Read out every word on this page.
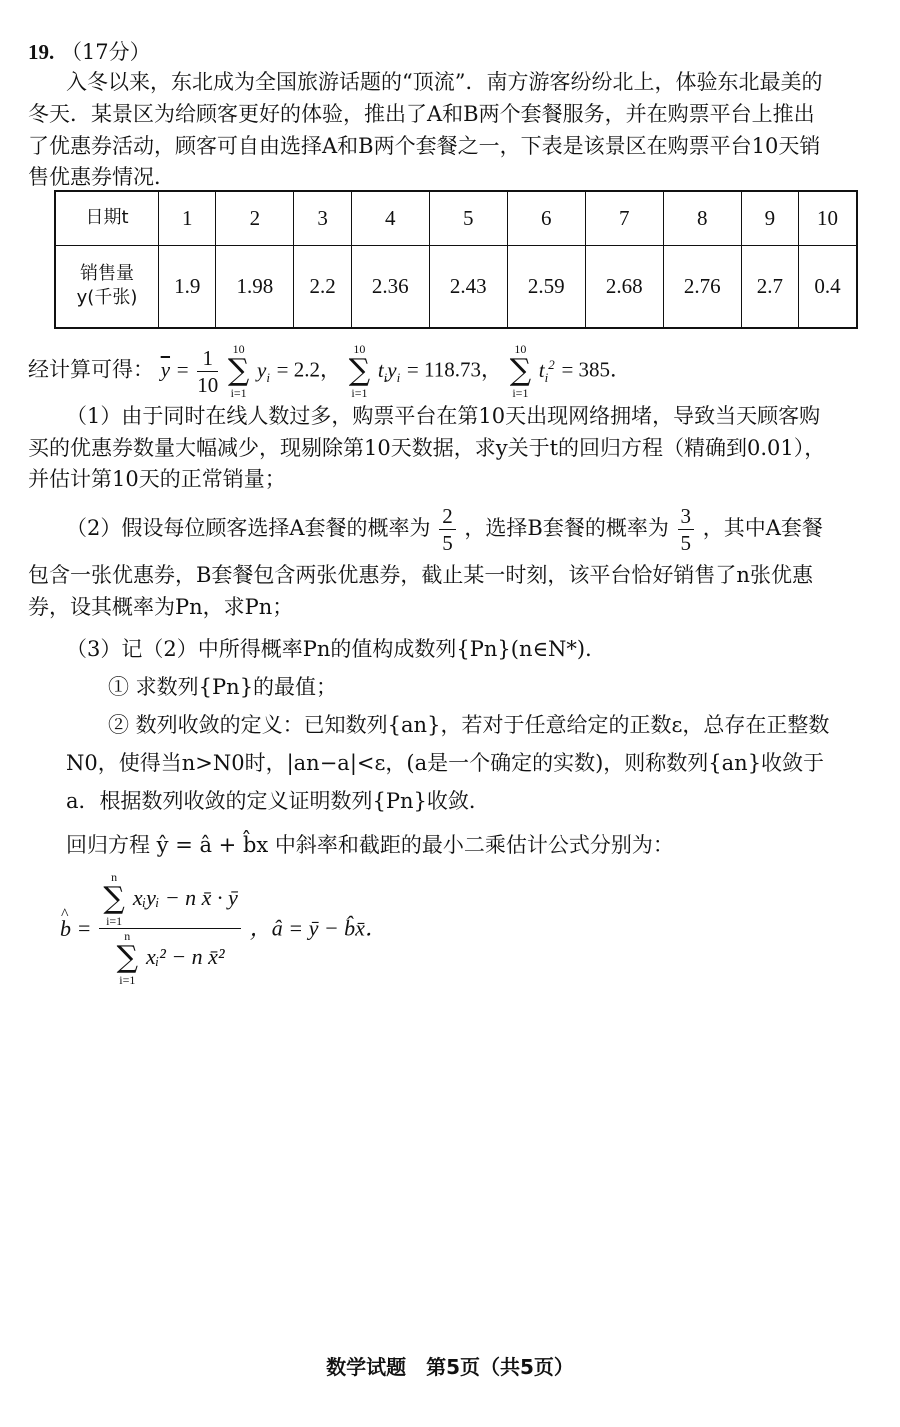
19. （17分）
入冬以来，东北成为全国旅游话题的“顶流”．南方游客纷纷北上，体验东北最美的
冬天．某景区为给顾客更好的体验，推出了A和B两个套餐服务，并在购票平台上推出
了优惠券活动，顾客可自由选择A和B两个套餐之一，下表是该景区在购票平台10天销
售优惠券情况．
日期t	1	2	3	4	5	6	7	8	9	10
销售量
y(千张)	1.9	1.98	2.2	2.36	2.43	2.59	2.68	2.76	2.7	0.4
经计算可得： $\overline{y} = \frac{1}{10}$
	10
∑
i=1
$y_i = 2.2$，
10
∑
i=1
$t_iy_i = 118.73$，
10
∑
i=1
$t_i^2 = 385$．
（1）由于同时在线人数过多，购票平台在第10天出现网络拥堵，导致当天顾客购
买的优惠券数量大幅减少，现剔除第10天数据，求y关于t的回归方程（精确到0.01），
并估计第10天的正常销量；
（2）假设每位顾客选择A套餐的概率为 $\frac{2}{5}$ ，选择B套餐的概率为 $\frac{3}{5}$ ，其中A套餐
包含一张优惠券，B套餐包含两张优惠券，截止某一时刻，该平台恰好销售了n张优惠
券，设其概率为Pn，求Pn；
（3）记（2）中所得概率Pn的值构成数列{Pn}(n∈N*)．
① 求数列{Pn}的最值；
② 数列收敛的定义：已知数列{an}，若对于任意给定的正数ε，总存在正整数
N0，使得当n>N0时，|an−a|<ε，(a是一个确定的实数)，则称数列{an}收敛于
a．根据数列收敛的定义证明数列{Pn}收敛．
回归方程 ŷ = â + b̂x 中斜率和截距的最小二乘估计公式分别为：
^ b = n
∑
i=1
xᵢyᵢ − n x̄ · ȳ
n
∑
i=1
xᵢ² − n x̄² ，â = ȳ − b̂x̄．
数学试题　第5页（共5页）
